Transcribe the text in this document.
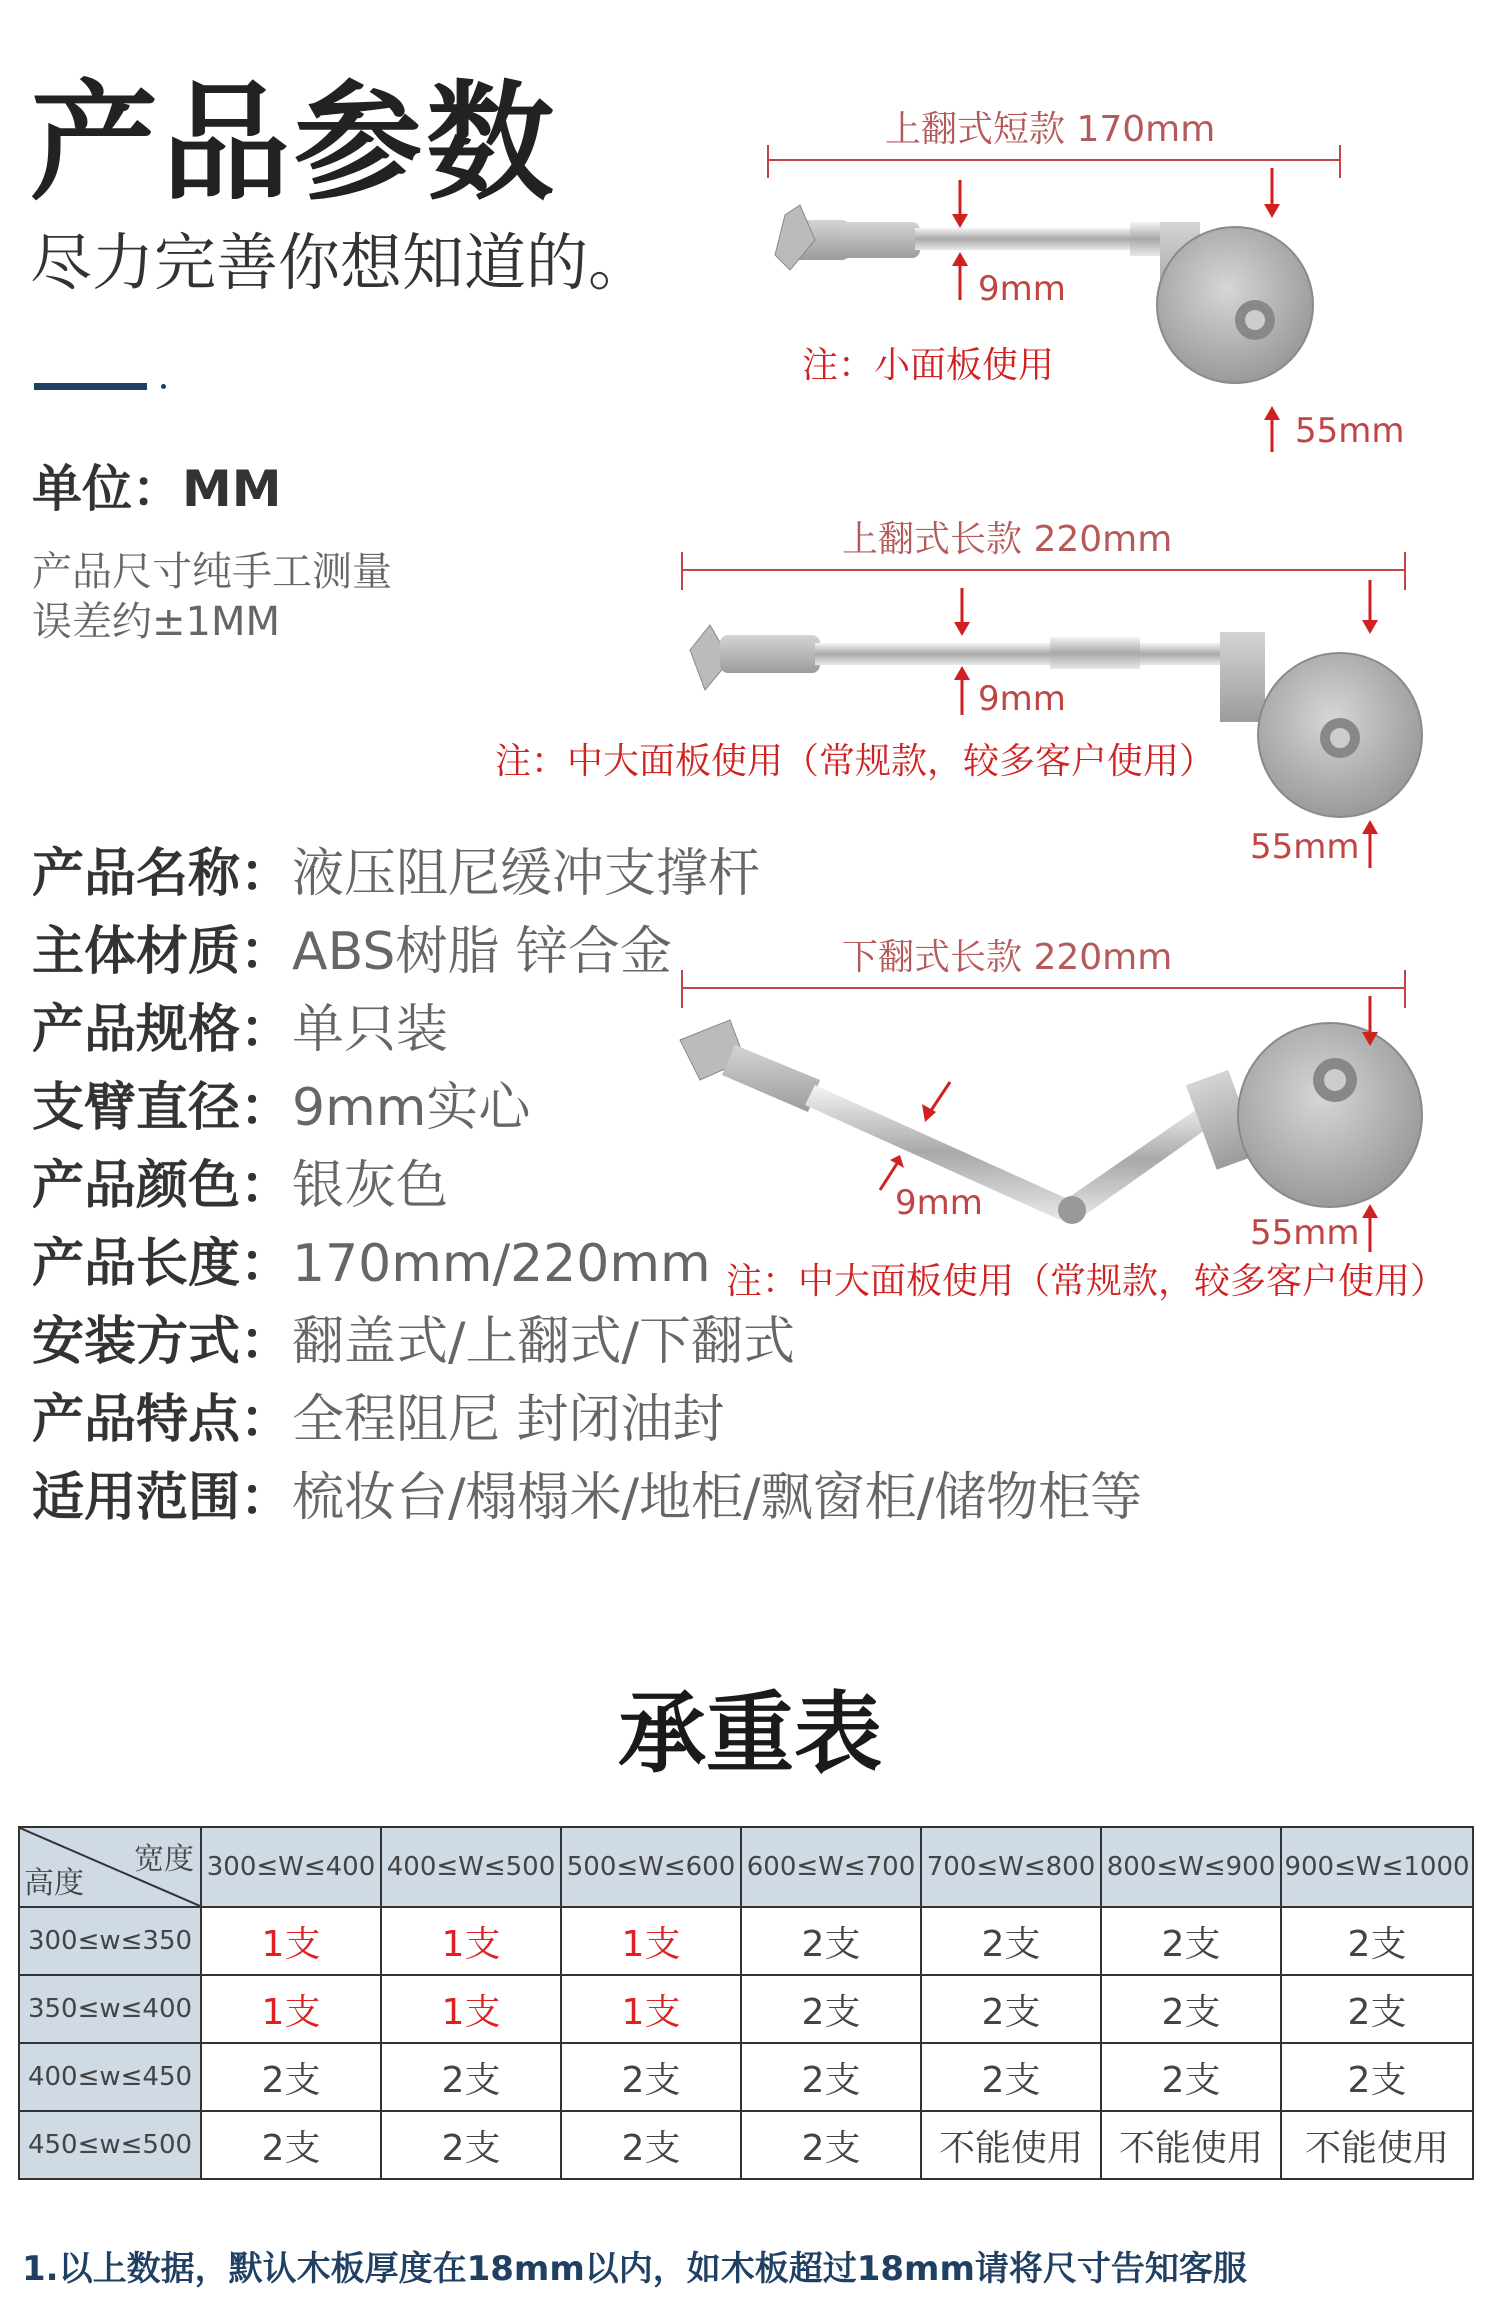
产品参数
尽力完善你想知道的。
单位：MM
产品尺寸纯手工测量
误差约±1MM
产品名称：液压阻尼缓冲支撑杆
主体材质：ABS树脂 锌合金
产品规格：单只装
支臂直径：9mm实心
产品颜色：银灰色
产品长度：170mm/220mm
安装方式：翻盖式/上翻式/下翻式
产品特点：全程阻尼 封闭油封
适用范围：梳妆台/榻榻米/地柜/飘窗柜/储物柜等
上翻式短款 170mm
9mm
55mm
注：小面板使用
上翻式长款 220mm
9mm
55mm
注：中大面板使用（常规款，较多客户使用）
下翻式长款 220mm
9mm
55mm
注：中大面板使用（常规款，较多客户使用）
承重表
宽度
高度	300≤W≤400	400≤W≤500	500≤W≤600	600≤W≤700	700≤W≤800	800≤W≤900	900≤W≤1000
300≤w≤350	1支	1支	1支	2支	2支	2支	2支
350≤w≤400	1支	1支	1支	2支	2支	2支	2支
400≤w≤450	2支	2支	2支	2支	2支	2支	2支
450≤w≤500	2支	2支	2支	2支	不能使用	不能使用	不能使用
1.以上数据，默认木板厚度在18mm以内，如木板超过18mm请将尺寸告知客服
